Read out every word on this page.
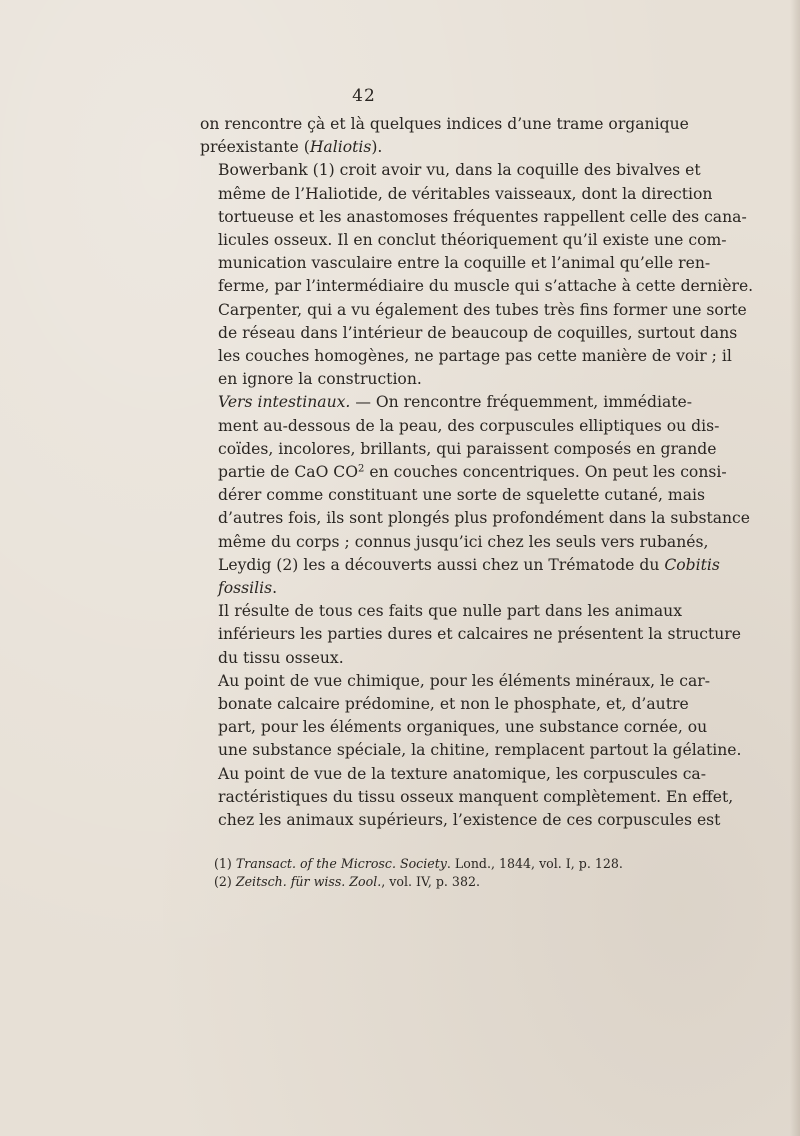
42

on rencontre çà et là quelques indices d’une trame organique
préexistante (Haliotis).

Bowerbank (1) croit avoir vu, dans la coquille des bivalves et
même de l’Haliotide, de véritables vaisseaux, dont la direction
tortueuse et les anastomoses fréquentes rappellent celle des cana-
licules osseux. Il en conclut théoriquement qu’il existe une com-
munication vasculaire entre la coquille et l’animal qu’elle ren-
ferme, par l’intermédiaire du muscle qui s’attache à cette dernière.
Carpenter, qui a vu également des tubes très fins former une sorte
de réseau dans l’intérieur de beaucoup de coquilles, surtout dans
les couches homogènes, ne partage pas cette manière de voir ; il
en ignore la construction.

Vers intestinaux. — On rencontre fréquemment, immédiate-
ment au-dessous de la peau, des corpuscules elliptiques ou dis-
coïdes, incolores, brillants, qui paraissent composés en grande
partie de CaO $CO^2$ en couches concentriques. On peut les consi-
dérer comme constituant une sorte de squelette cutané, mais
d’autres fois, ils sont plongés plus profondément dans la substance
même du corps ; connus jusqu’ici chez les seuls vers rubanés,
Leydig (2) les a découverts aussi chez un Trématode du Cobitis
fossilis.

Il résulte de tous ces faits que nulle part dans les animaux
inférieurs les parties dures et calcaires ne présentent la structure
du tissu osseux.

Au point de vue chimique, pour les éléments minéraux, le car-
bonate calcaire prédomine, et non le phosphate, et, d’autre
part, pour les éléments organiques, une substance cornée, ou
une substance spéciale, la chitine, remplacent partout la gélatine.

Au point de vue de la texture anatomique, les corpuscules ca-
ractéristiques du tissu osseux manquent complètement. En effet,
chez les animaux supérieurs, l’existence de ces corpuscules est

(1) Transact. of the Microsc. Society. Lond., 1844, vol. I, p. 128.
(2) Zeitsch. für wiss. Zool., vol. IV, p. 382.
